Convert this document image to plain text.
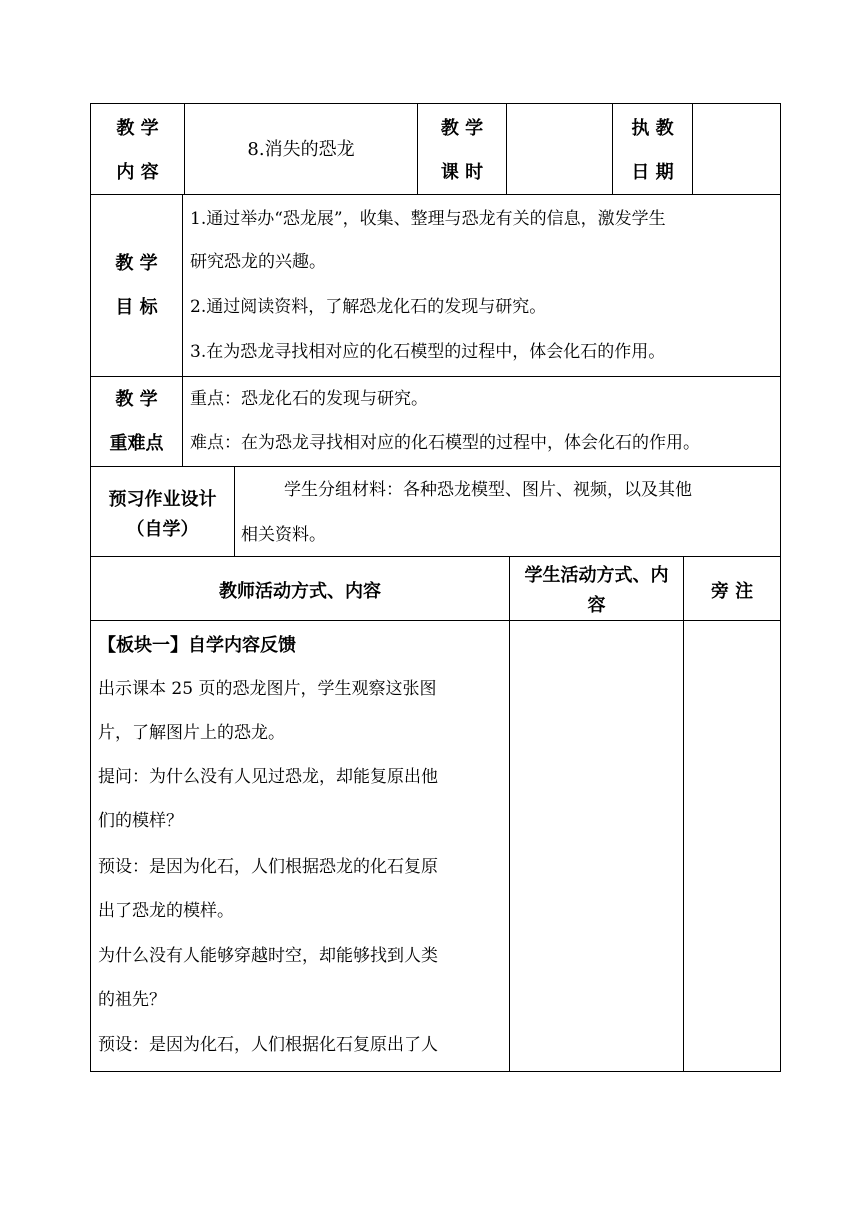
教 学
内 容
8.消失的恐龙
教 学
课 时
执 教
日 期
教 学
目 标
1.通过举办“恐龙展”，收集、整理与恐龙有关的信息，激发学生
研究恐龙的兴趣。
2.通过阅读资料，了解恐龙化石的发现与研究。
3.在为恐龙寻找相对应的化石模型的过程中，体会化石的作用。
教 学
重难点
重点：恐龙化石的发现与研究。
难点：在为恐龙寻找相对应的化石模型的过程中，体会化石的作用。
预习作业设计
（自学）
学生分组材料：各种恐龙模型、图片、视频，以及其他
相关资料。
教师活动方式、内容
学生活动方式、内
容
旁 注
【板块一】自学内容反馈
出示课本 25 页的恐龙图片，学生观察这张图
片，了解图片上的恐龙。
提问：为什么没有人见过恐龙，却能复原出他
们的模样？
预设：是因为化石，人们根据恐龙的化石复原
出了恐龙的模样。
为什么没有人能够穿越时空，却能够找到人类
的祖先？
预设：是因为化石，人们根据化石复原出了人
